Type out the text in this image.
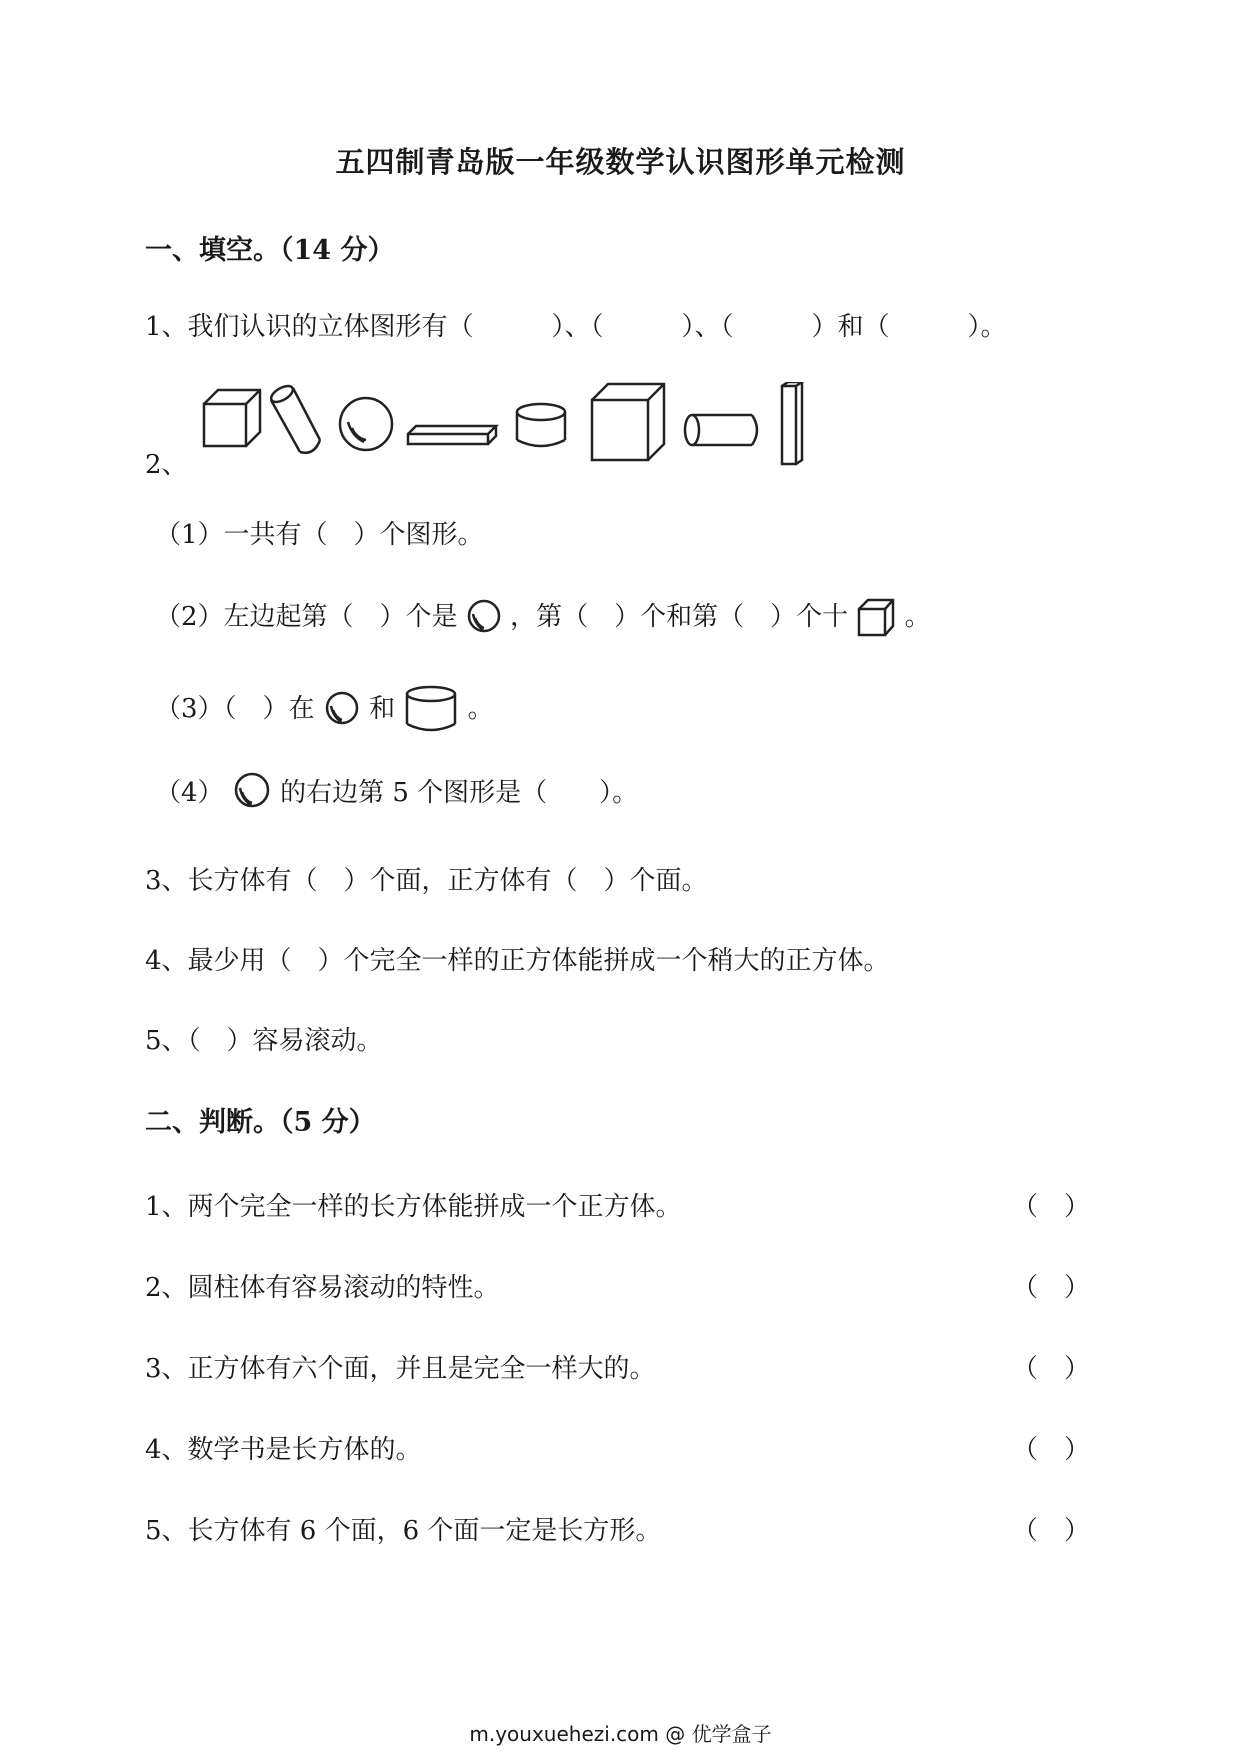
五四制青岛版一年级数学认识图形单元检测
一、填空。（14 分）
1、我们认识的立体图形有（　　　）、（　　　）、（　　　）和（　　　）。
2、
（1）一共有（　）个图形。
（2）左边起第（　）个是 ，第（　）个和第（　）个十 。
（3）（　）在 和	。
（4） 的右边第 5 个图形是（　　）。
3、长方体有（　）个面，正方体有（　）个面。
4、最少用（　）个完全一样的正方体能拼成一个稍大的正方体。
5、（　）容易滚动。
二、判断。（5 分）
1、两个完全一样的长方体能拼成一个正方体。	（　）
2、圆柱体有容易滚动的特性。	（　）
3、正方体有六个面，并且是完全一样大的。	（　）
4、数学书是长方体的。	（　）
5、长方体有 6 个面，6 个面一定是长方形。	（　）
m.youxuehezi.com @ 优学盒子
